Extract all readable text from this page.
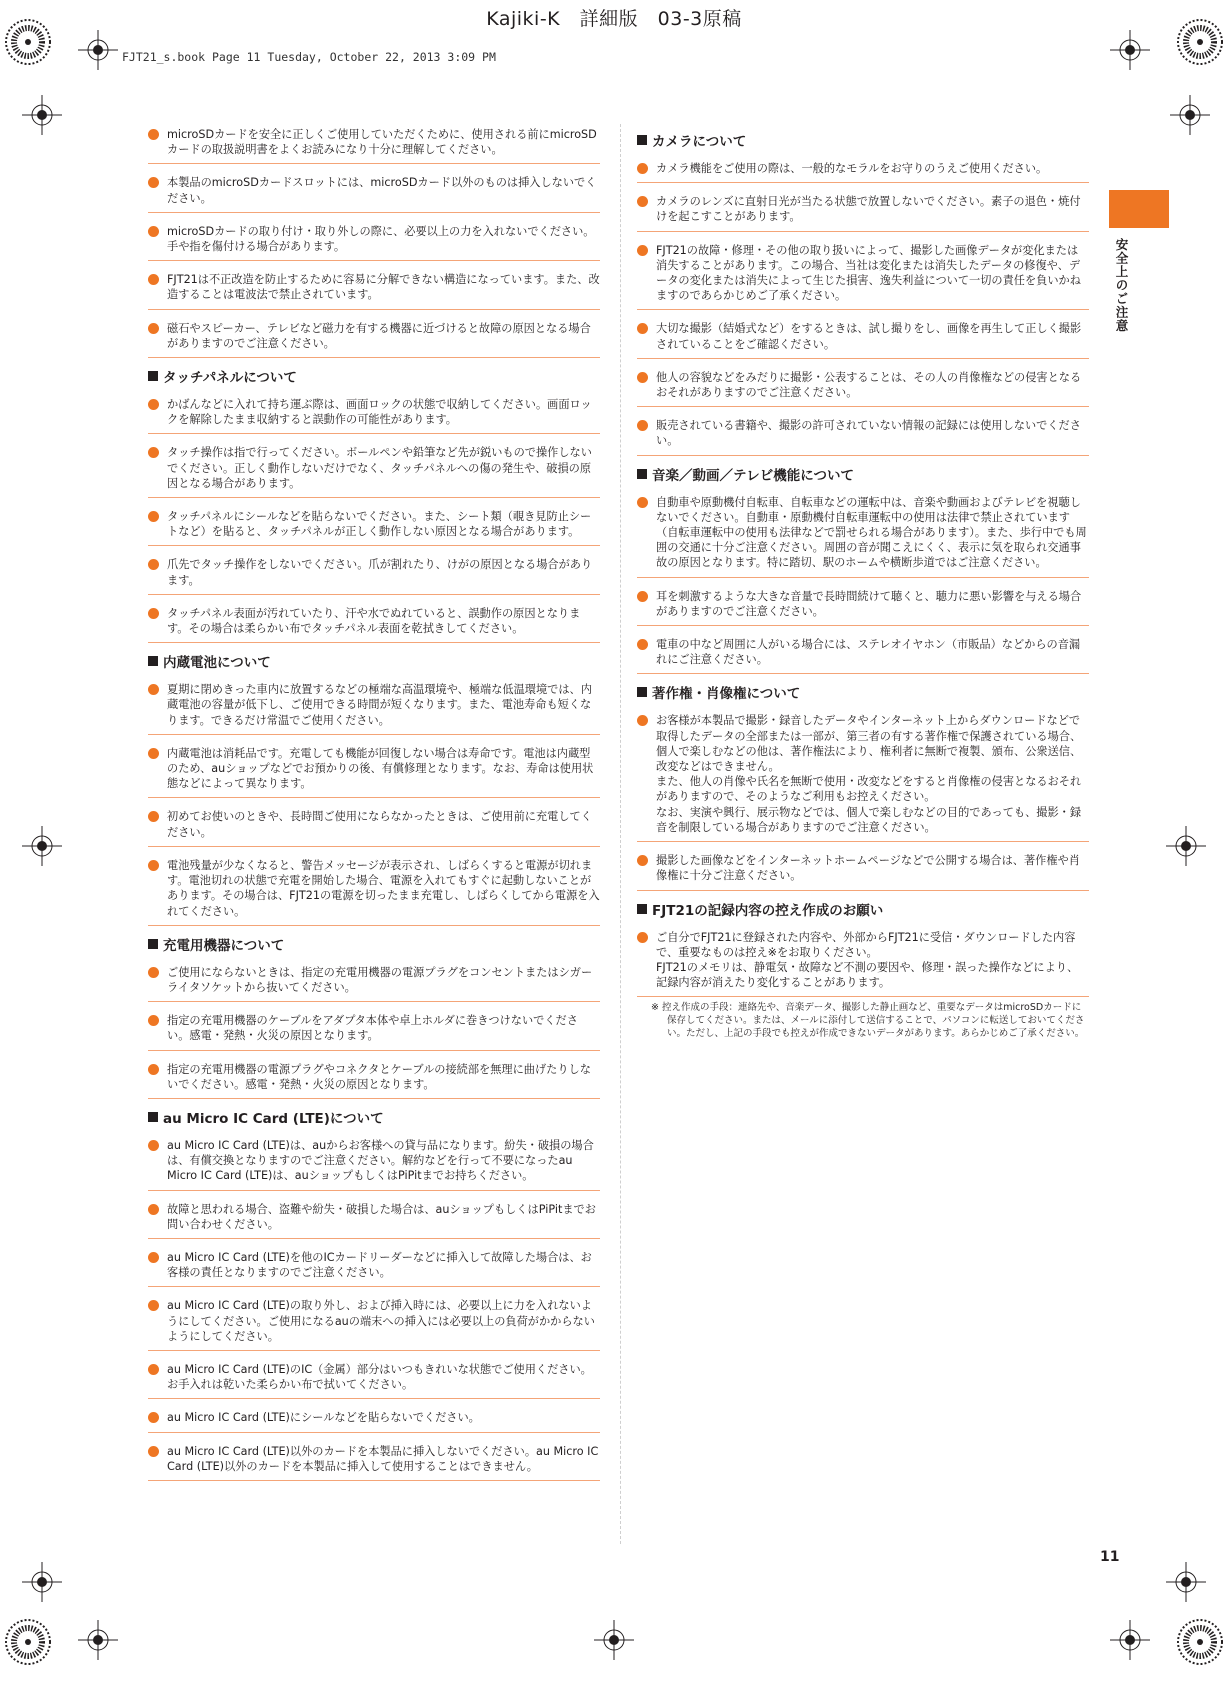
Kajiki-K　詳細版　03-3原稿
FJT21_s.book Page 11 Tuesday, October 22, 2013 3:09 PM
安全上のご注意

microSDカードを安全に正しくご使用していただくために、使用される前にmicroSDカードの取扱説明書をよくお読みになり十分に理解してください。

本製品のmicroSDカードスロットには、microSDカード以外のものは挿入しないでください。

microSDカードの取り付け・取り外しの際に、必要以上の力を入れないでください。手や指を傷付ける場合があります。

FJT21は不正改造を防止するために容易に分解できない構造になっています。また、改造することは電波法で禁止されています。

磁石やスピーカー、テレビなど磁力を有する機器に近づけると故障の原因となる場合がありますのでご注意ください。

タッチパネルについて

かばんなどに入れて持ち運ぶ際は、画面ロックの状態で収納してください。画面ロックを解除したまま収納すると誤動作の可能性があります。

タッチ操作は指で行ってください。ボールペンや鉛筆など先が鋭いもので操作しないでください。正しく動作しないだけでなく、タッチパネルへの傷の発生や、破損の原因となる場合があります。

タッチパネルにシールなどを貼らないでください。また、シート類（覗き見防止シートなど）を貼ると、タッチパネルが正しく動作しない原因となる場合があります。

爪先でタッチ操作をしないでください。爪が割れたり、けがの原因となる場合があります。

タッチパネル表面が汚れていたり、汗や水でぬれていると、誤動作の原因となります。その場合は柔らかい布でタッチパネル表面を乾拭きしてください。

内蔵電池について

夏期に閉めきった車内に放置するなどの極端な高温環境や、極端な低温環境では、内蔵電池の容量が低下し、ご使用できる時間が短くなります。また、電池寿命も短くなります。できるだけ常温でご使用ください。

内蔵電池は消耗品です。充電しても機能が回復しない場合は寿命です。電池は内蔵型のため、auショップなどでお預かりの後、有償修理となります。なお、寿命は使用状態などによって異なります。

初めてお使いのときや、長時間ご使用にならなかったときは、ご使用前に充電してください。

電池残量が少なくなると、警告メッセージが表示され、しばらくすると電源が切れます。電池切れの状態で充電を開始した場合、電源を入れてもすぐに起動しないことがあります。その場合は、FJT21の電源を切ったまま充電し、しばらくしてから電源を入れてください。

充電用機器について

ご使用にならないときは、指定の充電用機器の電源プラグをコンセントまたはシガーライタソケットから抜いてください。

指定の充電用機器のケーブルをアダプタ本体や卓上ホルダに巻きつけないでください。感電・発熱・火災の原因となります。

指定の充電用機器の電源プラグやコネクタとケーブルの接続部を無理に曲げたりしないでください。感電・発熱・火災の原因となります。

au Micro IC Card (LTE)について

au Micro IC Card (LTE)は、auからお客様への貸与品になります。紛失・破損の場合は、有償交換となりますのでご注意ください。解約などを行って不要になったau Micro IC Card (LTE)は、auショップもしくはPiPitまでお持ちください。

故障と思われる場合、盗難や紛失・破損した場合は、auショップもしくはPiPitまでお問い合わせください。

au Micro IC Card (LTE)を他のICカードリーダーなどに挿入して故障した場合は、お客様の責任となりますのでご注意ください。

au Micro IC Card (LTE)の取り外し、および挿入時には、必要以上に力を入れないようにしてください。ご使用になるauの端末への挿入には必要以上の負荷がかからないようにしてください。

au Micro IC Card (LTE)のIC（金属）部分はいつもきれいな状態でご使用ください。お手入れは乾いた柔らかい布で拭いてください。

au Micro IC Card (LTE)にシールなどを貼らないでください。

au Micro IC Card (LTE)以外のカードを本製品に挿入しないでください。au Micro IC Card (LTE)以外のカードを本製品に挿入して使用することはできません。

カメラについて

カメラ機能をご使用の際は、一般的なモラルをお守りのうえご使用ください。

カメラのレンズに直射日光が当たる状態で放置しないでください。素子の退色・焼付けを起こすことがあります。

FJT21の故障・修理・その他の取り扱いによって、撮影した画像データが変化または消失することがあります。この場合、当社は変化または消失したデータの修復や、データの変化または消失によって生じた損害、逸失利益について一切の責任を負いかねますのであらかじめご了承ください。

大切な撮影（結婚式など）をするときは、試し撮りをし、画像を再生して正しく撮影されていることをご確認ください。

他人の容貌などをみだりに撮影・公表することは、その人の肖像権などの侵害となるおそれがありますのでご注意ください。

販売されている書籍や、撮影の許可されていない情報の記録には使用しないでください。

音楽／動画／テレビ機能について

自動車や原動機付自転車、自転車などの運転中は、音楽や動画およびテレビを視聴しないでください。自動車・原動機付自転車運転中の使用は法律で禁止されています（自転車運転中の使用も法律などで罰せられる場合があります）。また、歩行中でも周囲の交通に十分ご注意ください。周囲の音が聞こえにくく、表示に気を取られ交通事故の原因となります。特に踏切、駅のホームや横断歩道ではご注意ください。

耳を刺激するような大きな音量で長時間続けて聴くと、聴力に悪い影響を与える場合がありますのでご注意ください。

電車の中など周囲に人がいる場合には、ステレオイヤホン（市販品）などからの音漏れにご注意ください。

著作権・肖像権について

お客様が本製品で撮影・録音したデータやインターネット上からダウンロードなどで取得したデータの全部または一部が、第三者の有する著作権で保護されている場合、個人で楽しむなどの他は、著作権法により、権利者に無断で複製、頒布、公衆送信、改変などはできません。
また、他人の肖像や氏名を無断で使用・改変などをすると肖像権の侵害となるおそれがありますので、そのようなご利用もお控えください。
なお、実演や興行、展示物などでは、個人で楽しむなどの目的であっても、撮影・録音を制限している場合がありますのでご注意ください。

撮影した画像などをインターネットホームページなどで公開する場合は、著作権や肖像権に十分ご注意ください。

FJT21の記録内容の控え作成のお願い

ご自分でFJT21に登録された内容や、外部からFJT21に受信・ダウンロードした内容で、重要なものは控え※をお取りください。
FJT21のメモリは、静電気・故障など不測の要因や、修理・誤った操作などにより、記録内容が消えたり変化することがあります。

※ 控え作成の手段：連絡先や、音楽データ、撮影した静止画など、重要なデータはmicroSDカードに保存してください。または、メールに添付して送信することで、パソコンに転送しておいてください。ただし、上記の手段でも控えが作成できないデータがあります。あらかじめご了承ください。
11
